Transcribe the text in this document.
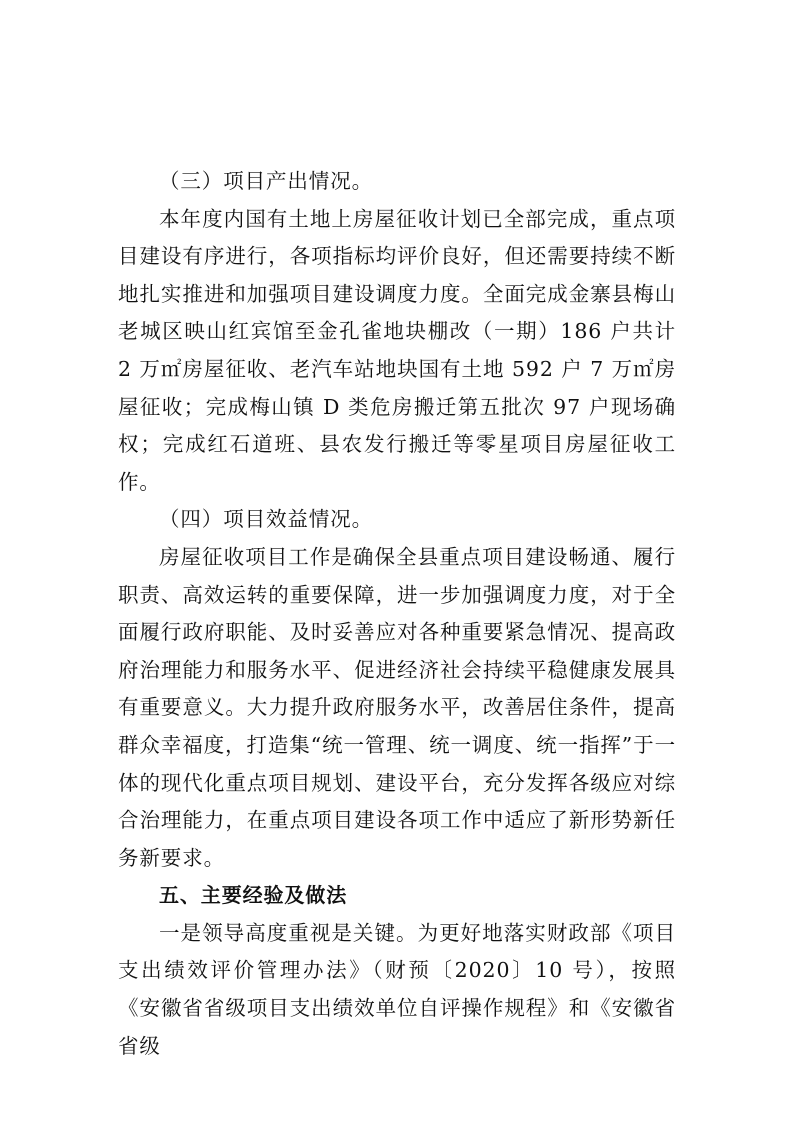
（三）项目产出情况。

本年度内国有土地上房屋征收计划已全部完成，重点项目建设有序进行，各项指标均评价良好，但还需要持续不断地扎实推进和加强项目建设调度力度。全面完成金寨县梅山老城区映山红宾馆至金孔雀地块棚改（一期）186 户共计 2 万㎡房屋征收、老汽车站地块国有土地 592 户 7 万㎡房屋征收；完成梅山镇 D 类危房搬迁第五批次 97 户现场确权；完成红石道班、县农发行搬迁等零星项目房屋征收工作。

（四）项目效益情况。

房屋征收项目工作是确保全县重点项目建设畅通、履行职责、高效运转的重要保障，进一步加强调度力度，对于全面履行政府职能、及时妥善应对各种重要紧急情况、提高政府治理能力和服务水平、促进经济社会持续平稳健康发展具有重要意义。大力提升政府服务水平，改善居住条件，提高群众幸福度，打造集“统一管理、统一调度、统一指挥”于一体的现代化重点项目规划、建设平台，充分发挥各级应对综合治理能力，在重点项目建设各项工作中适应了新形势新任务新要求。

五、主要经验及做法

一是领导高度重视是关键。为更好地落实财政部《项目支出绩效评价管理办法》（财预〔2020〕10 号），按照《安徽省省级项目支出绩效单位自评操作规程》和《安徽省省级
